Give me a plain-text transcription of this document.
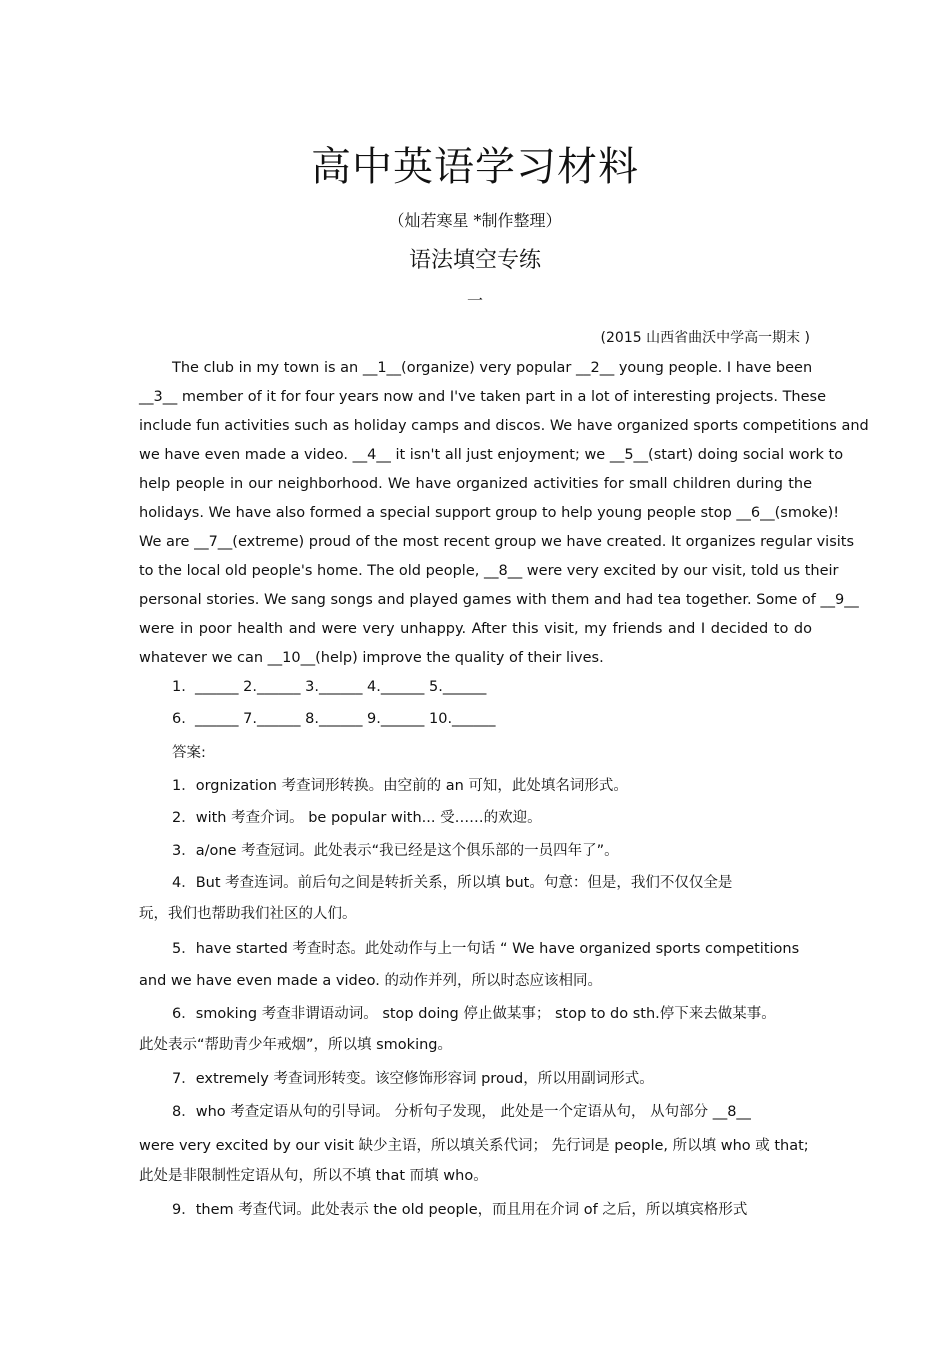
高中英语学习材料
（灿若寒星 *制作整理）
语法填空专练
一
(2015 山西省曲沃中学高一期末 )
The club in my town is an __1__(organize) very popular __2__ young people. I have been
__3__ member of it for four years now and I've taken part in a lot of interesting projects. These
include fun activities such as holiday camps and discos. We have organized sports competitions and
we have even made a video. __4__ it isn't all just enjoyment; we __5__(start) doing social work to
help people in our neighborhood. We have organized activities for small children during the
holidays. We have also formed a special support group to help young people stop __6__(smoke)!
We are __7__(extreme) proud of the most recent group we have created. It organizes regular visits
to the local old people's home. The old people, __8__ were very excited by our visit, told us their
personal stories. We sang songs and played games with them and had tea together. Some of __9__
were in poor health and were very unhappy. After this visit, my friends and I decided to do
whatever we can __10__(help) improve the quality of their lives.
1.  ______ 2.______ 3.______ 4.______ 5.______
6.  ______ 7.______ 8.______ 9.______ 10.______
答案:
1．orgnization 考查词形转换。由空前的 an 可知，此处填名词形式。
2．with 考查介词。 be popular with... 受……的欢迎。
3．a/one 考查冠词。此处表示“我已经是这个俱乐部的一员四年了”。
4．But 考查连词。前后句之间是转折关系，所以填 but。句意：但是，我们不仅仅全是
玩，我们也帮助我们社区的人们。
5．have started 考查时态。此处动作与上一句话 “ We have organized sports competitions
and we have even made a video. 的动作并列，所以时态应该相同。
6．smoking 考查非谓语动词。 stop doing 停止做某事； stop to do sth.停下来去做某事。
此处表示“帮助青少年戒烟”，所以填 smoking。
7．extremely 考查词形转变。该空修饰形容词 proud，所以用副词形式。
8．who 考查定语从句的引导词。 分析句子发现， 此处是一个定语从句， 从句部分 __8__
were very excited by our visit 缺少主语，所以填关系代词； 先行词是 people, 所以填 who 或 that;
此处是非限制性定语从句，所以不填 that 而填 who。
9．them 考查代词。此处表示 the old people，而且用在介词 of 之后，所以填宾格形式
